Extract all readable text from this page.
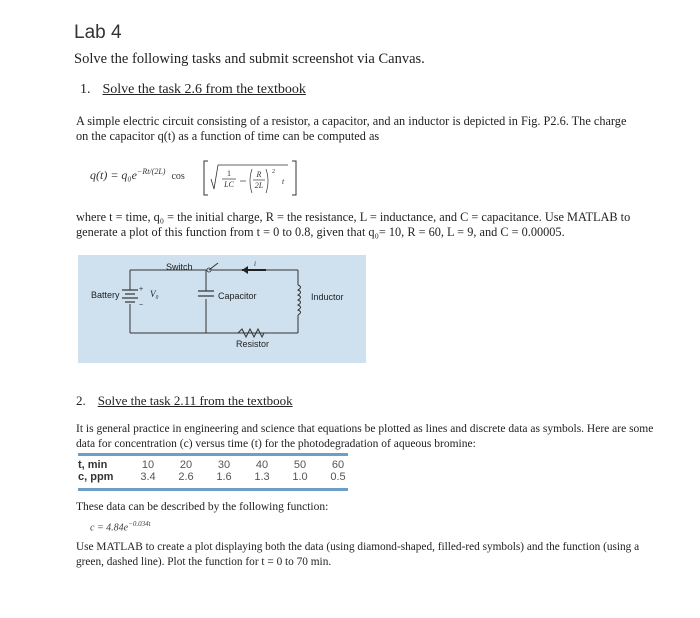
Lab 4
Solve the following tasks and submit screenshot via Canvas.
1. Solve the task 2.6 from the textbook
A simple electric circuit consisting of a resistor, a capacitor, and an inductor is depicted in Fig. P2.6. The charge
on the capacitor q(t) as a function of time can be computed as
$q(t) = q_0e^{-Rt/(2L)}$ cos	1
LC
R
2L
2
t
where t = time, q₀ = the initial charge, R = the resistance, L = inductance, and C = capacitance. Use MATLAB to
generate a plot of this function from t = 0 to 0.8, given that q₀= 10, R = 60, L = 9, and C = 0.00005.
Switch
Battery	V₀	Capacitor	Inductor
Resistor
i
+
−
2. Solve the task 2.11 from the textbook
It is general practice in engineering and science that equations be plotted as lines and discrete data as symbols. Here are some
data for concentration (c) versus time (t) for the photodegradation of aqueous bromine:
t, min	10	20	30	40	50	60
c, ppm	3.4	2.6	1.6	1.3	1.0	0.5
These data can be described by the following function:
$c = 4.84e^{-0.034t}$
Use MATLAB to create a plot displaying both the data (using diamond-shaped, filled-red symbols) and the function (using a
green, dashed line). Plot the function for t = 0 to 70 min.
